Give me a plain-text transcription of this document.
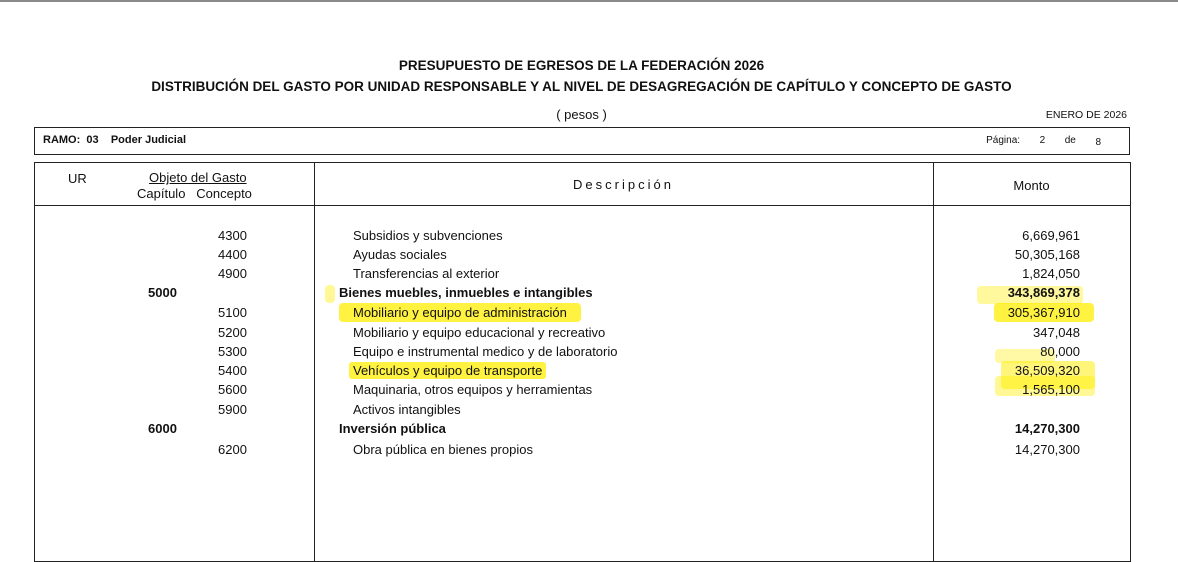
PRESUPUESTO DE EGRESOS DE LA FEDERACIÓN 2026
DISTRIBUCIÓN DEL GASTO POR UNIDAD RESPONSABLE Y AL NIVEL DE DESAGREGACIÓN DE CAPÍTULO Y CONCEPTO DE GASTO
( pesos )	ENERO DE 2026
RAMO:  03    Poder Judicial	Página: 2 de 8
UR	Objeto del Gasto
Capítulo   Concepto
Descripción	Monto
4300	Subsidios y subvenciones	6,669,961
4400	Ayudas sociales	50,305,168
4900	Transferencias al exterior	1,824,050
5000	Bienes muebles, inmuebles e intangibles	343,869,378
5100	Mobiliario y equipo de administración	305,367,910
5200	Mobiliario y equipo educacional y recreativo	347,048
5300	Equipo e instrumental medico y de laboratorio	80,000
5400	Vehículos y equipo de transporte	36,509,320
5600	Maquinaria, otros equipos y herramientas	1,565,100
5900	Activos intangibles
6000	Inversión pública	14,270,300
6200	Obra pública en bienes propios	14,270,300
